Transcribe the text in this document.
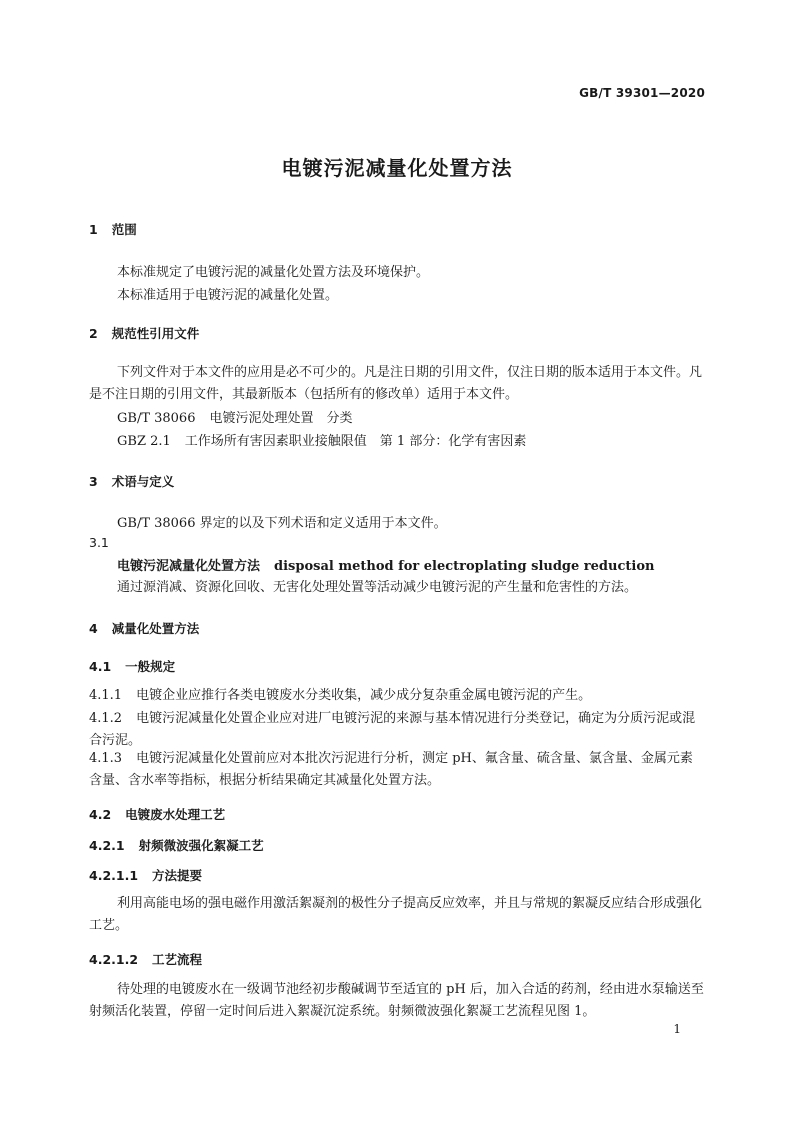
GB/T 39301—2020
电镀污泥减量化处置方法
1 范围
本标准规定了电镀污泥的减量化处置方法及环境保护。
本标准适用于电镀污泥的减量化处置。
2 规范性引用文件
下列文件对于本文件的应用是必不可少的。凡是注日期的引用文件，仅注日期的版本适用于本文件。凡是不注日期的引用文件，其最新版本（包括所有的修改单）适用于本文件。
GB/T 38066 电镀污泥处理处置　分类
GBZ 2.1 工作场所有害因素职业接触限值　第 1 部分：化学有害因素
3 术语与定义
GB/T 38066 界定的以及下列术语和定义适用于本文件。
3.1
电镀污泥减量化处置方法 disposal method for electroplating sludge reduction
通过源消减、资源化回收、无害化处理处置等活动减少电镀污泥的产生量和危害性的方法。
4 减量化处置方法
4.1 一般规定
4.1.1 电镀企业应推行各类电镀废水分类收集，减少成分复杂重金属电镀污泥的产生。
4.1.2 电镀污泥减量化处置企业应对进厂电镀污泥的来源与基本情况进行分类登记，确定为分质污泥或混合污泥。
4.1.3 电镀污泥减量化处置前应对本批次污泥进行分析，测定 pH、氟含量、硫含量、氯含量、金属元素含量、含水率等指标，根据分析结果确定其减量化处置方法。
4.2 电镀废水处理工艺
4.2.1 射频微波强化絮凝工艺
4.2.1.1 方法提要
利用高能电场的强电磁作用激活絮凝剂的极性分子提高反应效率，并且与常规的絮凝反应结合形成强化工艺。
4.2.1.2 工艺流程
待处理的电镀废水在一级调节池经初步酸碱调节至适宜的 pH 后，加入合适的药剂，经由进水泵输送至射频活化装置，停留一定时间后进入絮凝沉淀系统。射频微波强化絮凝工艺流程见图 1。
1
